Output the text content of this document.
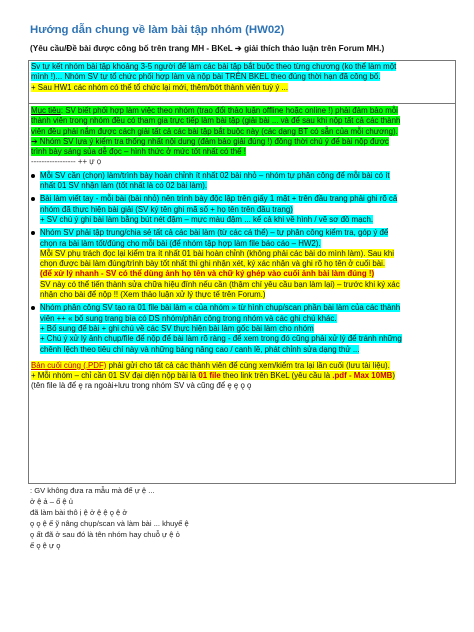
Hướng dẫn chung về làm bài tập nhóm (HW02)
(Yêu cầu/Đề bài được công bố trên trang MH - BKeL ➔ giải thích thảo luận trên Forum MH.)
Sv tự kết nhóm bài tập khoảng 3-5 người để làm các bài tập bắt buộc theo từng chương (ko thể làm một
mình !)... Nhóm SV tự tổ chức phối hợp làm và nộp bài TRÊN BKEL theo đúng thời hạn đã công bố.
+ Sau HW1 các nhóm có thể tổ chức lại mới, thêm/bớt thành viên tuỳ ý ...
Mục tiêu: SV biết phối hợp làm việc theo nhóm (trao đổi thảo luận offline hoặc online !) phải đảm bảo mỗi
thành viên trong nhóm đều có tham gia trực tiếp làm bài tập (giải bài ... và để sau khi nộp tất cả các thành
viên đều phải nắm được cách giải tất cả các bài tập bắt buộc này (các dạng BT có sẵn của mỗi chương).
➔ Nhóm SV lựa ý kiểm tra thống nhất nội dung (đảm bảo giải đúng !) đồng thời chú ý để bài nộp được
trình bày sáng sủa dễ đọc – hình thức ở mức tốt nhất có thể !
----------------- ++ ự ọ
Mỗi SV cần (chọn) làm/trình bày hoàn chỉnh ít nhất 02 bài nhỏ – nhóm tự phân công để mỗi bài có ít
nhất 01 SV nhận làm (tốt nhất là có 02 bài làm).
Bài làm viết tay - mỗi bài (bài nhỏ) nên trình bày độc lập trên giấy 1 mặt + trên đầu trang phải ghi rõ cả
nhóm đã thực hiện bài giải (SV ký tên ghi mã số + họ tên trên đầu trang)
+ SV chú ý ghi bài làm bằng bút nét đậm – mực màu đậm ... kể cả khi về hình / vẽ sơ đồ mạch.
Nhóm SV phải tập trung/chia sẻ tất cả các bài làm (từ các cá thể) – tự phân công kiểm tra, góp ý để
chọn ra bài làm tốt/đúng cho mỗi bài (để nhóm tập hợp làm file báo cáo – HW2).
Mỗi SV phụ trách đọc lại kiểm tra ít nhất 01 bài hoàn chỉnh (không phải các bài do mình làm). Sau khi
chọn được bài làm đúng/trình bày tốt nhất thì ghi nhận xét, ký xác nhận và ghi rõ họ tên ở cuối bài.
(để xử lý nhanh - SV có thể dùng ảnh họ tên và chữ ký ghép vào cuối ảnh bài làm đúng !)
SV này có thể tiến thành sửa chữa hiệu đính nếu cần (thậm chí yêu cầu bạn làm lại) – trước khi ký xác
nhận cho bài để nộp !! (Xem thảo luận xử lý thực tế trên Forum.)
Nhóm phân công SV tạo ra 01 file bài làm « của nhóm » từ hình chụp/scan phần bài làm của các thành
viên ++ « bố sung trang bìa có DS nhóm/phân công trong nhóm và các ghi chú khác.
+ Bố sung để bài + ghi chú về các SV thực hiện bài làm gốc bài làm cho nhóm
+ Chú ý xử lý ảnh chụp/file để nộp để bài làm rõ ràng - để xem trong đó cũng phải xử lý để tránh những
chênh lệch theo tiêu chí này và những bảng nâng cao / canh lề, phát chỉnh sửa dạng thử ...
Bản cuối cùng (.PDF) phải gửi cho tất cả các thành viên để cùng xem/kiểm tra lại lần cuối (lưu tài liệu).
+ Mỗi nhóm – chỉ cần 01 SV đại diện nộp bài là 01 file theo link trên BKeL (yêu cầu là .pdf - Max 10MB)
(tên file là để ȩ ra ngoài+lưu trong nhóm SV và cũng để ȩ ȩ ǫ ǫ
: GV không đưa ra mẫu mà để ự ệ ...
ở ệ ả – ố ệ ủ
đã làm bài thô ị ệ ở ệ ệ ǫ ệ ở
ǫ ǫ ệ ế ỹ nâng chụp/scan và làm bài ... khuyế ệ
ǫ ất đã ở sau đó là tên nhóm hay chuỗ ự ệ ỏ
ế ǫ ệ ự ǫ
